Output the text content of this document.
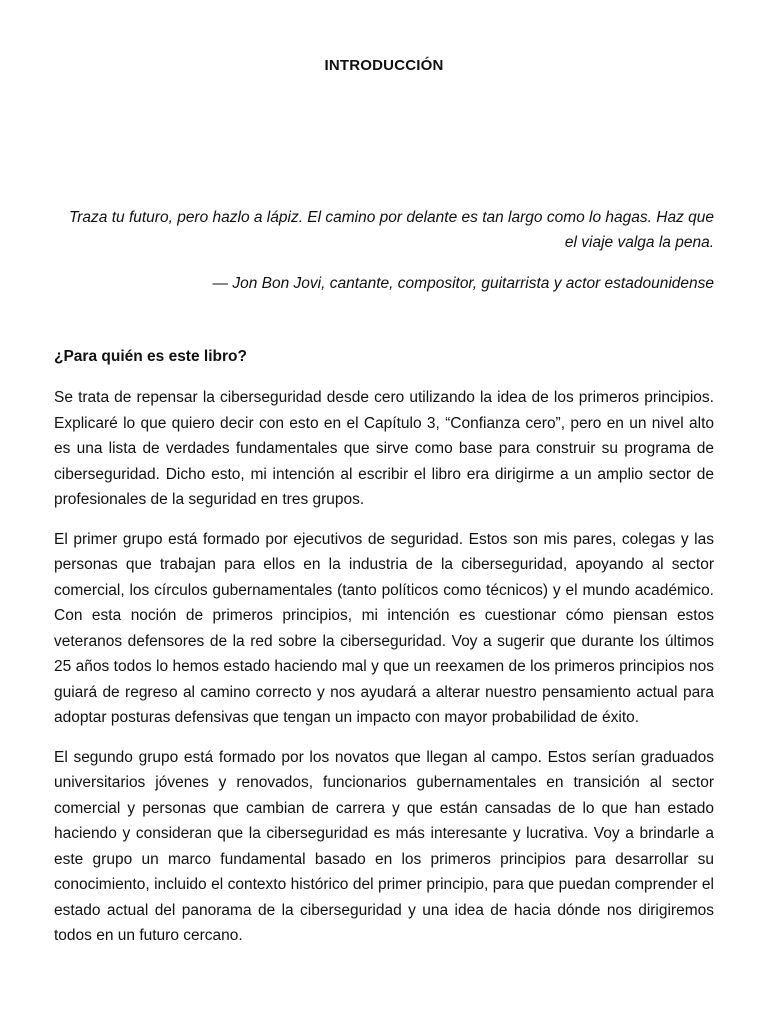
INTRODUCCIÓN

Traza tu futuro, pero hazlo a lápiz. El camino por delante es tan largo como lo hagas. Haz que el viaje valga la pena.

— Jon Bon Jovi, cantante, compositor, guitarrista y actor estadounidense

¿Para quién es este libro?

Se trata de repensar la ciberseguridad desde cero utilizando la idea de los primeros principios. Explicaré lo que quiero decir con esto en el Capítulo 3, “Confianza cero”, pero en un nivel alto es una lista de verdades fundamentales que sirve como base para construir su programa de ciberseguridad. Dicho esto, mi intención al escribir el libro era dirigirme a un amplio sector de profesionales de la seguridad en tres grupos.

El primer grupo está formado por ejecutivos de seguridad. Estos son mis pares, colegas y las personas que trabajan para ellos en la industria de la ciberseguridad, apoyando al sector comercial, los círculos gubernamentales (tanto políticos como técnicos) y el mundo académico. Con esta noción de primeros principios, mi intención es cuestionar cómo piensan estos veteranos defensores de la red sobre la ciberseguridad. Voy a sugerir que durante los últimos 25 años todos lo hemos estado haciendo mal y que un reexamen de los primeros principios nos guiará de regreso al camino correcto y nos ayudará a alterar nuestro pensamiento actual para adoptar posturas defensivas que tengan un impacto con mayor probabilidad de éxito.

El segundo grupo está formado por los novatos que llegan al campo. Estos serían graduados universitarios jóvenes y renovados, funcionarios gubernamentales en transición al sector comercial y personas que cambian de carrera y que están cansadas de lo que han estado haciendo y consideran que la ciberseguridad es más interesante y lucrativa. Voy a brindarle a este grupo un marco fundamental basado en los primeros principios para desarrollar su conocimiento, incluido el contexto histórico del primer principio, para que puedan comprender el estado actual del panorama de la ciberseguridad y una idea de hacia dónde nos dirigiremos todos en un futuro cercano.
